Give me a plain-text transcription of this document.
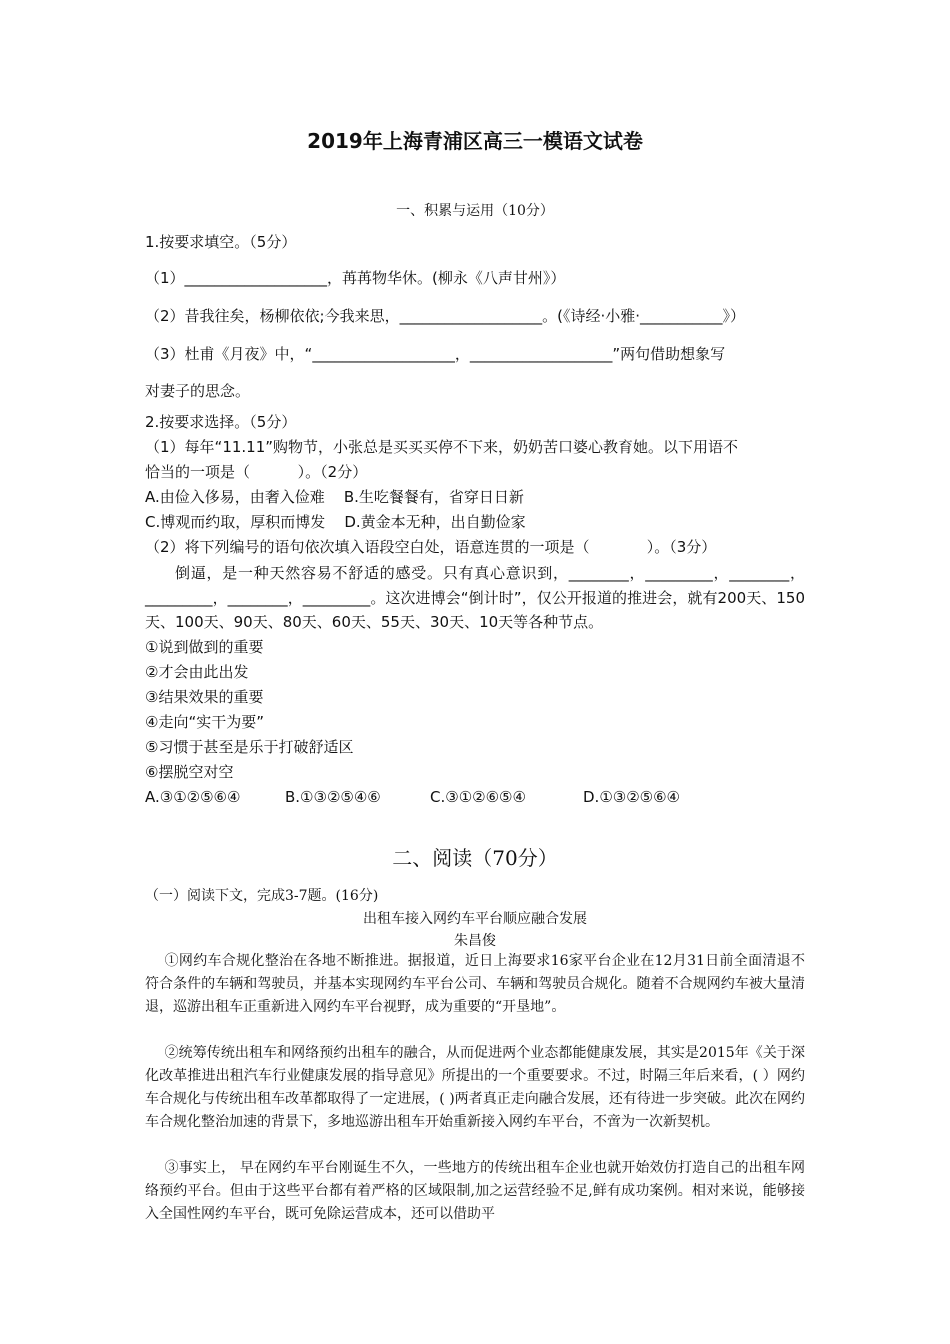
2019年上海青浦区高三一模语文试卷
一、积累与运用（10分）
1.按要求填空。（5分）
（1）___________________，苒苒物华休。(柳永《八声甘州》）
（2）昔我往矣，杨柳依依;今我来思，___________________。(《诗经·小雅·___________》）
（3）杜甫《月夜》中，“___________________，___________________”两句借助想象写
对妻子的思念。
2.按要求选择。（5分）
（1）每年“11.11”购物节，小张总是买买买停不下来，奶奶苦口婆心教育她。以下用语不
恰当的一项是（          ）。（2分）
A.由俭入侈易，由奢入俭难    B.生吃餐餐有，省穿日日新
C.博观而约取，厚积而博发    D.黄金本无种，出自勤俭家
（2）将下列编号的语句依次填入语段空白处，语意连贯的一项是（            ）。（3分）
倒逼，是一种天然容易不舒适的感受。只有真心意识到，________，_________，________，_________，________，_________。这次进博会“倒计时”，仅公开报道的推进会，就有200天、150天、100天、90天、80天、60天、55天、30天、10天等各种节点。
①说到做到的重要
②才会由此出发
③结果效果的重要
④走向“实干为要”
⑤习惯于甚至是乐于打破舒适区
⑥摆脱空对空
A.③①②⑤⑥④	B.①③②⑤④⑥	C.③①②⑥⑤④	D.①③②⑤⑥④
二、阅读（70分）
（一）阅读下文，完成3-7题。(16分)
出租车接入网约车平台顺应融合发展
朱昌俊
①网约车合规化整治在各地不断推进。据报道，近日上海要求16家平台企业在12月31日前全面清退不符合条件的车辆和驾驶员，并基本实现网约车平台公司、车辆和驾驶员合规化。随着不合规网约车被大量清退，巡游出租车正重新进入网约车平台视野，成为重要的“开垦地”。
②统筹传统出租车和网络预约出租车的融合，从而促进两个业态都能健康发展，其实是2015年《关于深化改革推进出租汽车行业健康发展的指导意见》所提出的一个重要要求。不过，时隔三年后来看，( ）网约车合规化与传统出租车改革都取得了一定进展，( )两者真正走向融合发展，还有待进一步突破。此次在网约车合规化整治加速的背景下，多地巡游出租车开始重新接入网约车平台，不啻为一次新契机。
③事实上， 早在网约车平台刚诞生不久，一些地方的传统出租车企业也就开始效仿打造自己的出租车网络预约平台。但由于这些平台都有着严格的区域限制,加之运营经验不足,鲜有成功案例。相对来说，能够接入全国性网约车平台，既可免除运营成本，还可以借助平
